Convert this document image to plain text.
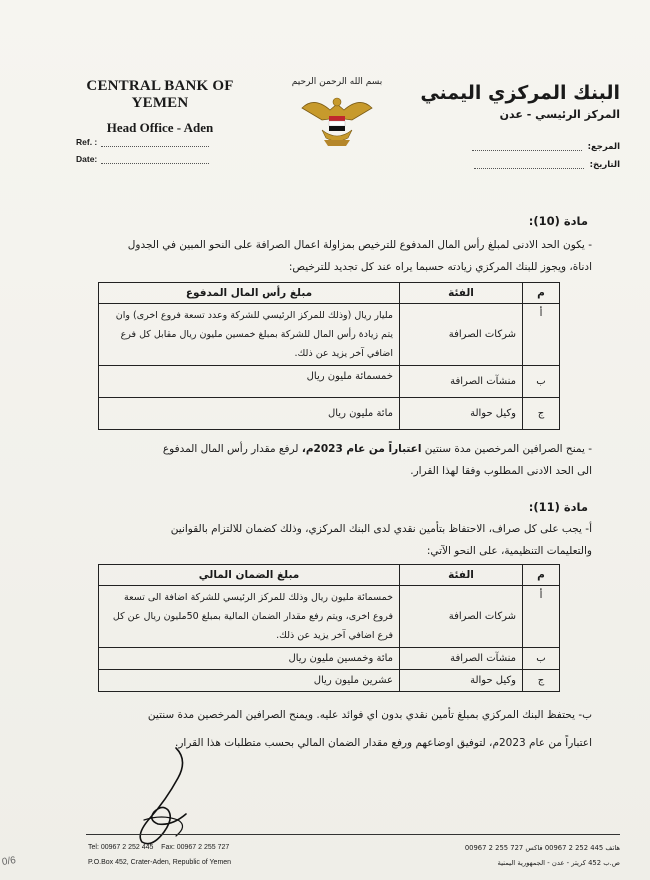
CENTRAL BANK OF YEMEN
Head Office - Aden
Ref. :
Date:
بسم الله الرحمن الرحيم البنك المركزي اليمني
المركز الرئيسي - عدن
المرجع:
التاريخ:
مادة (10):
- يكون الحد الادنى لمبلغ رأس المال المدفوع للترخيص بمزاولة اعمال الصرافة على النحو المبين في الجدول
ادناة، ويجوز للبنك المركزي زيادته حسبما يراه عند كل تجديد للترخيص:
م	الفئة	مبلغ رأس المال المدفوع
أ	شركات الصرافة	مليار ريال (وذلك للمركز الرئيسي للشركة وعدد تسعة فروع اخرى) وان يتم زيادة رأس المال للشركة بمبلغ خمسين مليون ريال مقابل كل فرع اضافي آخر يزيد عن ذلك.
ب	منشآت الصرافة	خمسمائة مليون ريال
ج	وكيل حوالة	مائة مليون ريال
- يمنح الصرافين المرخصين مدة سنتين اعتباراً من عام 2023م، لرفع مقدار رأس المال المدفوع
الى الحد الادنى المطلوب وفقا لهذا القرار.
مادة (11):
أ- يجب على كل صراف، الاحتفاظ بتأمين نقدي لدى البنك المركزي، وذلك كضمان للالتزام بالقوانين
والتعليمات التنظيمية، على النحو الآتي:
م	الفئة	مبلغ الضمان المالي
أ	شركات الصرافة	خمسمائة مليون ريال وذلك للمركز الرئيسي للشركة اضافة الى تسعة فروع اخرى، ويتم رفع مقدار الضمان المالية بمبلغ 50مليون ريال عن كل فرع اضافي آخر يزيد عن ذلك.
ب	منشآت الصرافة	مائة وخمسين مليون ريال
ج	وكيل حوالة	عشرين مليون ريال
ب- يحتفظ البنك المركزي بمبلغ تأمين نقدي بدون اي فوائد عليه. ويمنح الصرافين المرخصين مدة سنتين
اعتباراً من عام 2023م، لتوفيق اوضاعهم ورفع مقدار الضمان المالي بحسب متطلبات هذا القرار.
Tel: 00967 2 252 445 Fax: 00967 2 255 727
P.O.Box 452, Crater-Aden, Republic of Yemen
هاتف 445 252 2 00967 فاكس 727 255 2 00967
ص.ب 452 كريتر - عدن - الجمهورية اليمنية
0/6
